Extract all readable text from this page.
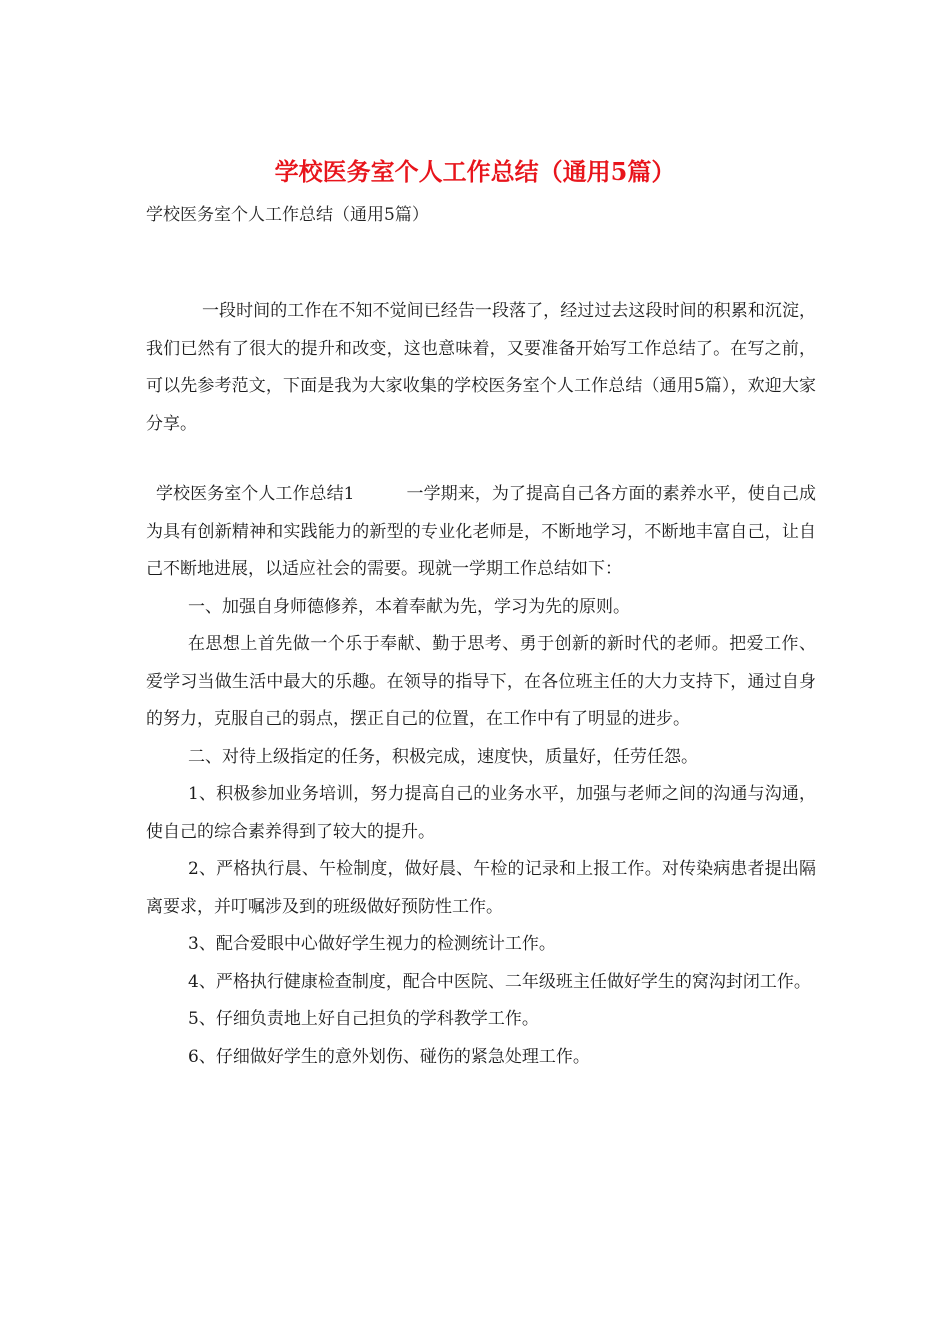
学校医务室个人工作总结（通用5篇）
学校医务室个人工作总结（通用5篇）

一段时间的工作在不知不觉间已经告一段落了，经过过去这段时间的积累和沉淀，我们已然有了很大的提升和改变，这也意味着，又要准备开始写工作总结了。在写之前，可以先参考范文，下面是我为大家收集的学校医务室个人工作总结（通用5篇），欢迎大家分享。

学校医务室个人工作总结1	一学期来，为了提高自己各方面的素养水平，使自己成为具有创新精神和实践能力的新型的专业化老师是，不断地学习，不断地丰富自己，让自己不断地进展，以适应社会的需要。现就一学期工作总结如下：

一、加强自身师德修养，本着奉献为先，学习为先的原则。

在思想上首先做一个乐于奉献、勤于思考、勇于创新的新时代的老师。把爱工作、爱学习当做生活中最大的乐趣。在领导的指导下，在各位班主任的大力支持下，通过自身的努力，克服自己的弱点，摆正自己的位置，在工作中有了明显的进步。

二、对待上级指定的任务，积极完成，速度快，质量好，任劳任怨。

1、积极参加业务培训，努力提高自己的业务水平，加强与老师之间的沟通与沟通，使自己的综合素养得到了较大的提升。

2、严格执行晨、午检制度，做好晨、午检的记录和上报工作。对传染病患者提出隔离要求，并叮嘱涉及到的班级做好预防性工作。

3、配合爱眼中心做好学生视力的检测统计工作。

4、严格执行健康检查制度，配合中医院、二年级班主任做好学生的窝沟封闭工作。

5、仔细负责地上好自己担负的学科教学工作。

6、仔细做好学生的意外划伤、碰伤的紧急处理工作。
